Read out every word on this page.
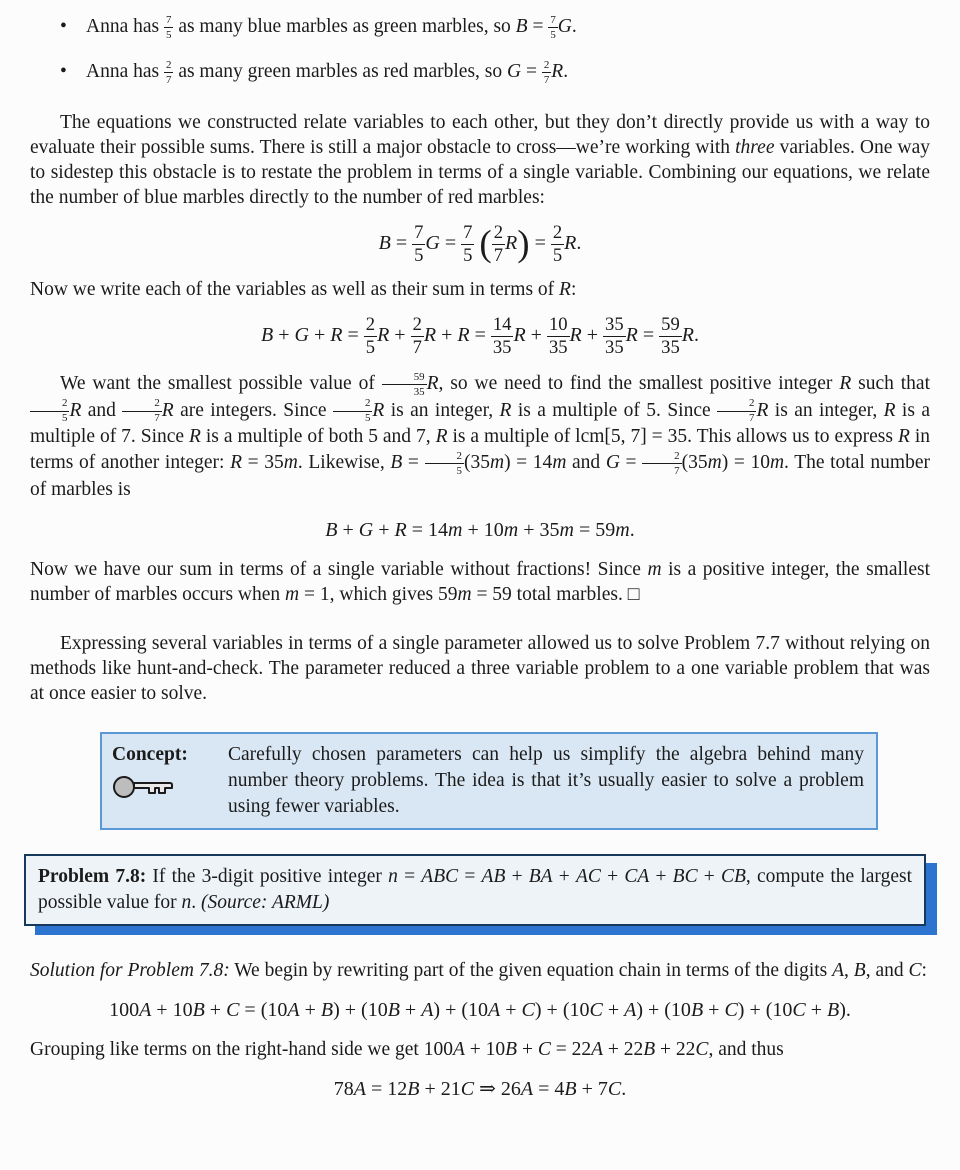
• Anna has $\frac{7}{5}$ as many blue marbles as green marbles, so $B = \frac{7}{5} G$.
• Anna has $\frac{2}{7}$ as many green marbles as red marbles, so $G = \frac{2}{7} R$.

The equations we constructed relate variables to each other, but they don’t directly provide us with a way to evaluate their possible sums. There is still a major obstacle to cross—we’re working with three variables. One way to sidestep this obstacle is to restate the problem in terms of a single variable. Combining our equations, we relate the number of blue marbles directly to the number of red marbles:

$B = \frac{7}{5}$ $G = \frac{7}{5}$ ( $\frac{2}{7} R) = \frac{2}{5} R$.

Now we write each of the variables as well as their sum in terms of R:

$B + G + R = \frac{2}{5}$ $R + \frac{2}{7}$ $R + R = \frac{14}{35}$ $R + \frac{10}{35}$ $R + \frac{35}{35}$ $R = \frac{59}{35} R$.

We want the smallest possible value of $\frac{59}{35} R$, so we need to find the smallest positive integer R such that
$\frac{2}{5}$ R and $\frac{2}{7}$ R are integers. Since $\frac{2}{5}$ R is an integer, R is a multiple of 5. Since $\frac{2}{7}$ R is an integer, R is a multiple of 7. Since R is a multiple of both 5 and 7, R is a multiple of lcm[5, 7] = 35. This allows us to express R in terms of another integer: R = 35m. Likewise, $B = \frac{2}{5} (35m) = 14m$ and $G = \frac{2}{7} (35m) = 10m$. The total number of marbles is

B + G + R = 14m + 10m + 35m = 59m.

Now we have our sum in terms of a single variable without fractions! Since m is a positive integer, the smallest number of marbles occurs when m = 1, which gives 59m = 59 total marbles. □

Expressing several variables in terms of a single parameter allowed us to solve Problem 7.7 without relying on methods like hunt-and-check. The parameter reduced a three variable problem to a one variable problem that was at once easier to solve.

Concept:	Carefully chosen parameters can help us simplify the algebra behind many number theory problems. The idea is that it’s usually easier to solve a problem using fewer variables.
Problem 7.8: If the 3-digit positive integer n = ABC = AB + BA + AC + CA + BC + CB, compute the largest possible value for n. (Source: ARML)

Solution for Problem 7.8: We begin by rewriting part of the given equation chain in terms of the digits A, B, and C:

100A + 10B + C = (10A + B) + (10B + A) + (10A + C) + (10C + A) + (10B + C) + (10C + B).

Grouping like terms on the right-hand side we get 100A + 10B + C = 22A + 22B + 22C, and thus

78A = 12B + 21C ⇒ 26A = 4B + 7C.
